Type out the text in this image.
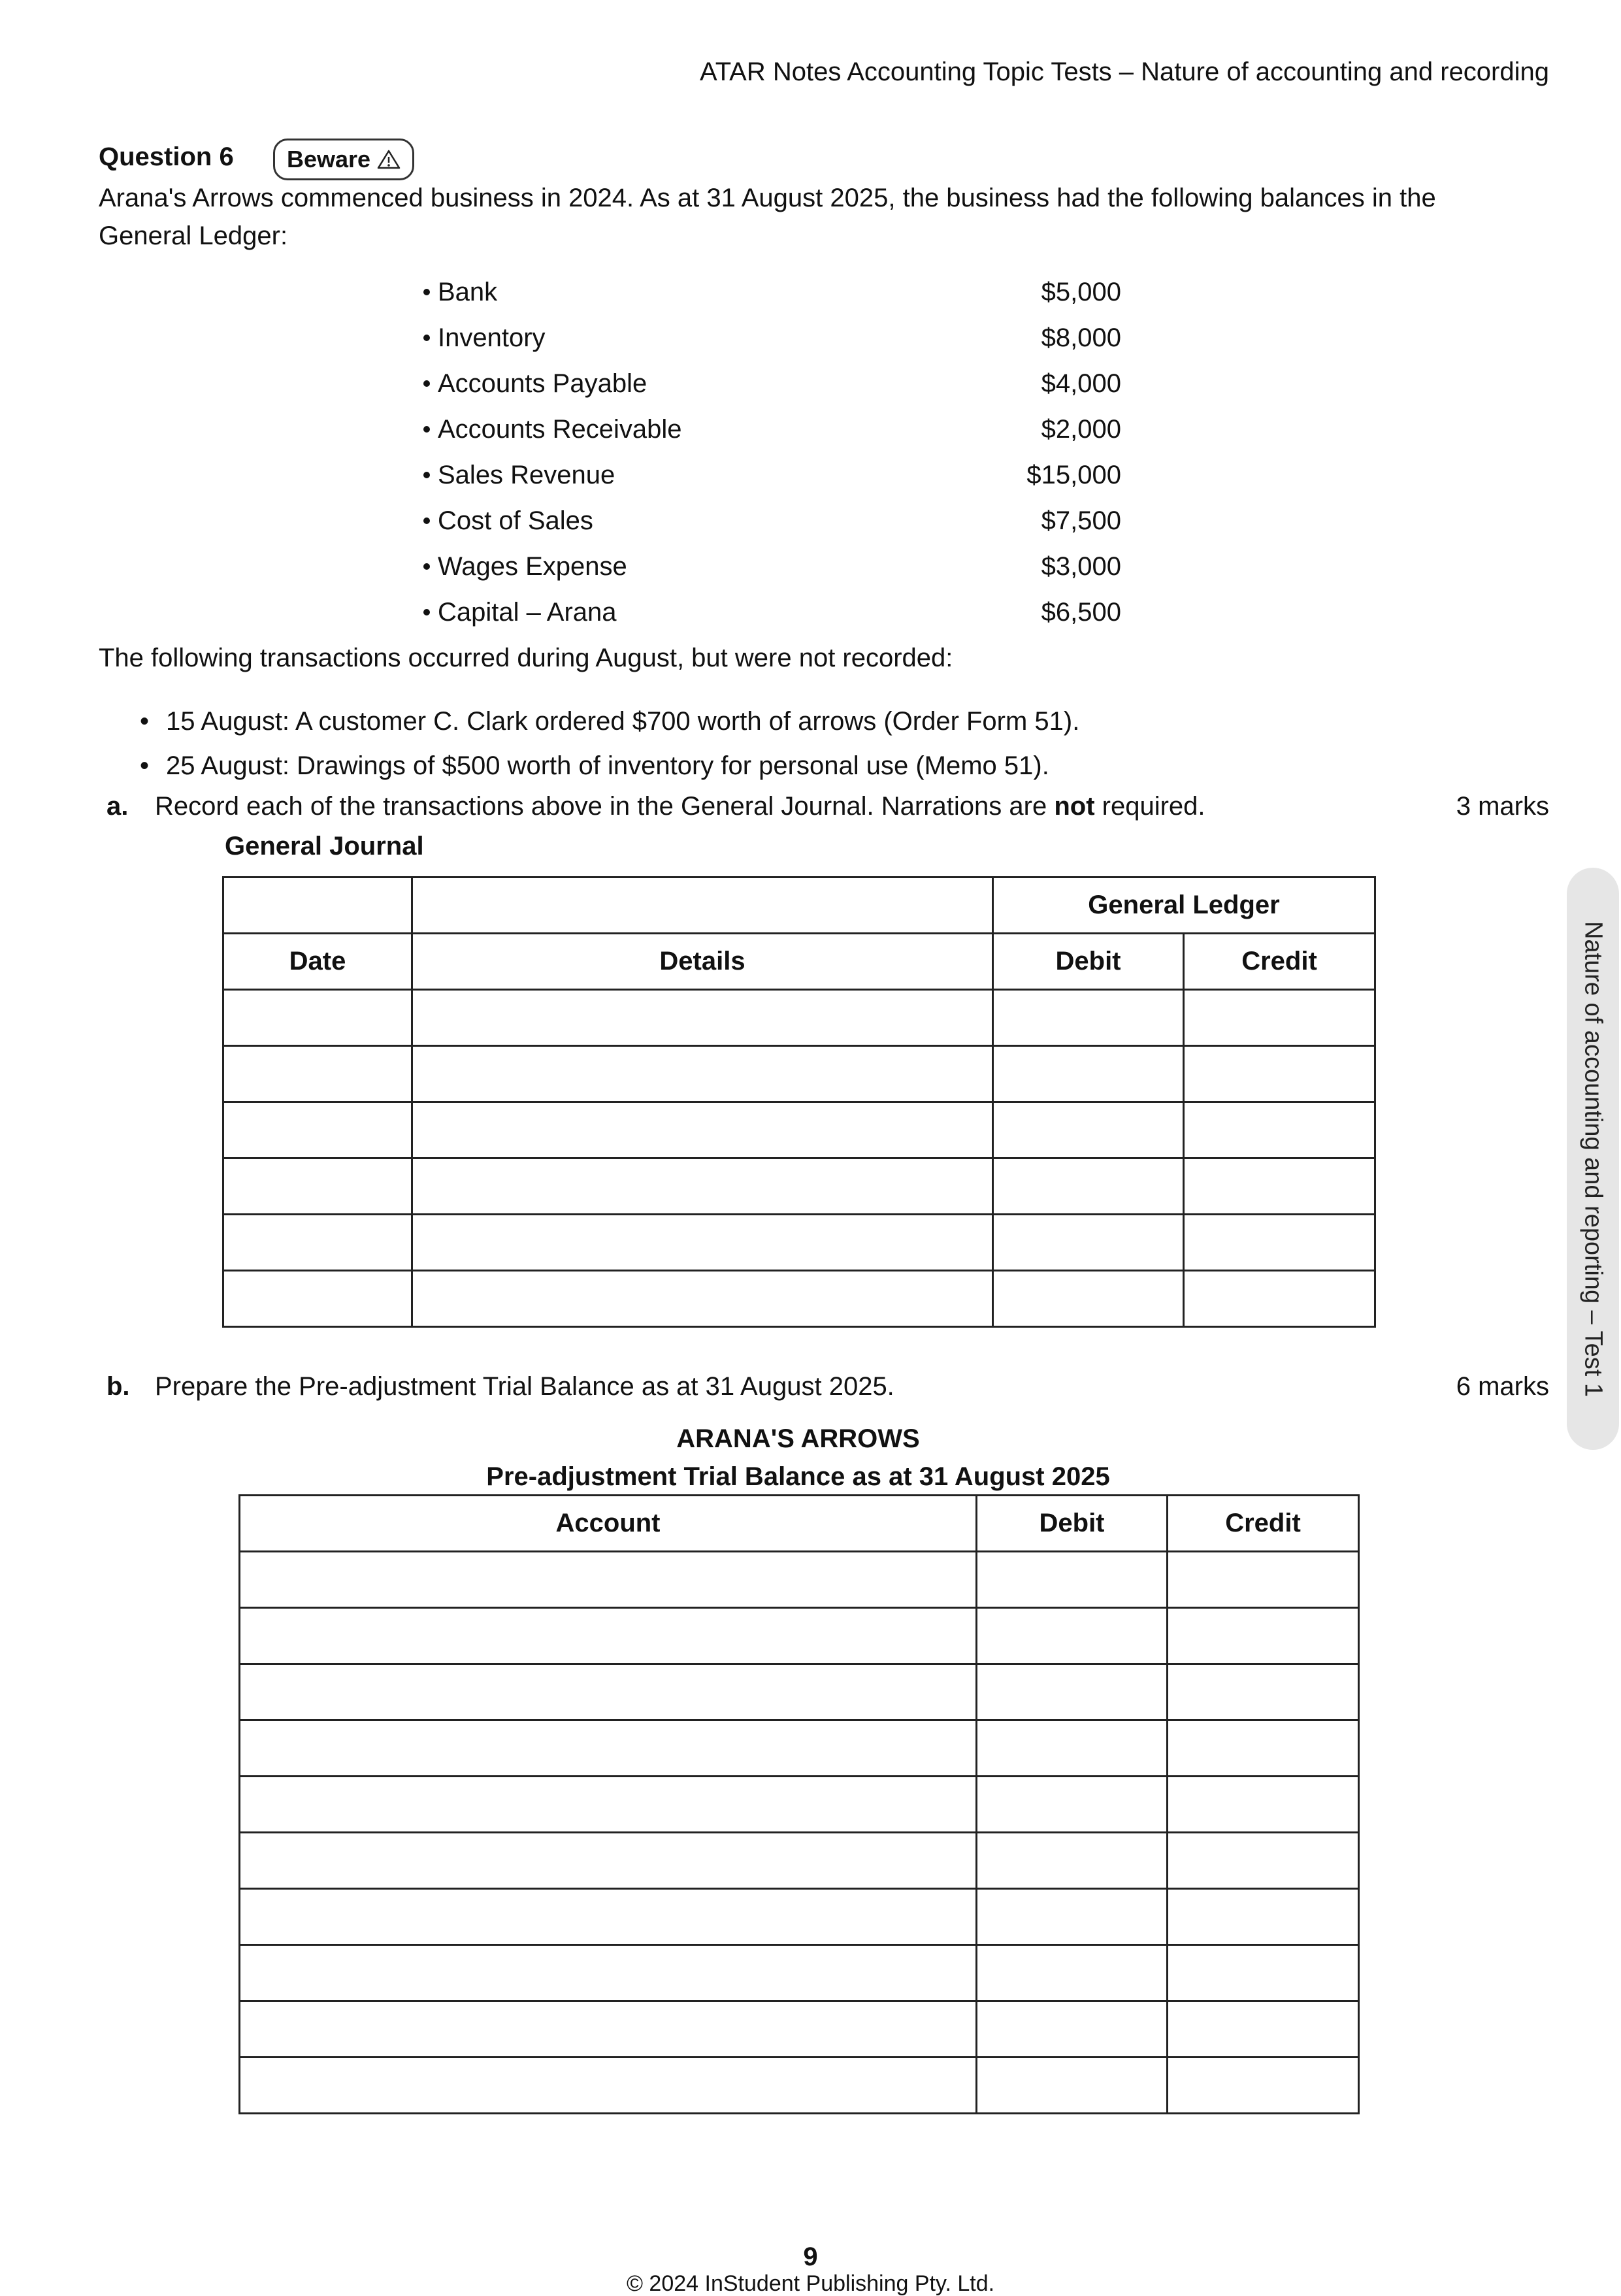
ATAR Notes Accounting Topic Tests – Nature of accounting and recording
Question 6 Beware
Arana's Arrows commenced business in 2024. As at 31 August 2025, the business had the following balances in the General Ledger:
Bank	$5,000
Inventory	$8,000
Accounts Payable	$4,000
Accounts Receivable	$2,000
Sales Revenue	$15,000
Cost of Sales	$7,500
Wages Expense	$3,000
Capital – Arana	$6,500
The following transactions occurred during August, but were not recorded:
• 15 August: A customer C. Clark ordered $700 worth of arrows (Order Form 51).
• 25 August: Drawings of $500 worth of inventory for personal use (Memo 51).
a.	Record each of the transactions above in the General Journal. Narrations are not required.	3 marks
General Journal
		General Ledger	
Date	Details	Debit	Credit

b. Prepare the Pre-adjustment Trial Balance as at 31 August 2025.	6 marks
ARANA'S ARROWS
Pre-adjustment Trial Balance as at 31 August 2025
Account	Debit	Credit

Nature of accounting and reporting – Test 1
9
© 2024 InStudent Publishing Pty. Ltd.
